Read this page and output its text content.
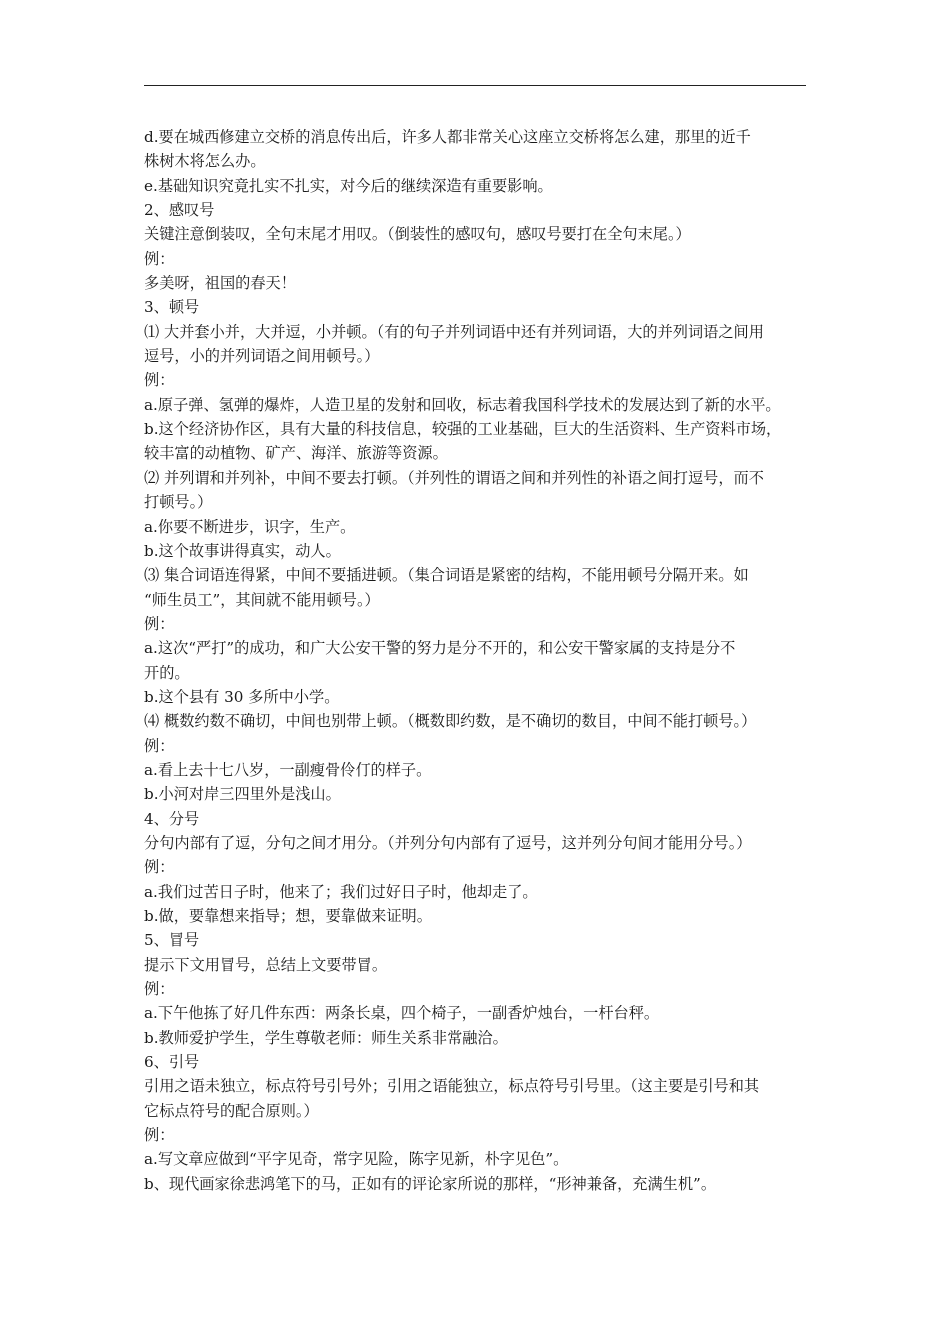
d.要在城西修建立交桥的消息传出后，许多人都非常关心这座立交桥将怎么建，那里的近千
株树木将怎么办。
e.基础知识究竟扎实不扎实，对今后的继续深造有重要影响。
2、感叹号
关键注意倒装叹，全句末尾才用叹。（倒装性的感叹句，感叹号要打在全句末尾。）
例：
多美呀，祖国的春天！
3、顿号
⑴ 大并套小并，大并逗，小并顿。（有的句子并列词语中还有并列词语，大的并列词语之间用
逗号，小的并列词语之间用顿号。）
例：
a.原子弹、氢弹的爆炸，人造卫星的发射和回收，标志着我国科学技术的发展达到了新的水平。
b.这个经济协作区，具有大量的科技信息，较强的工业基础，巨大的生活资料、生产资料市场，
较丰富的动植物、矿产、海洋、旅游等资源。
⑵ 并列谓和并列补，中间不要去打顿。（并列性的谓语之间和并列性的补语之间打逗号，而不
打顿号。）
a.你要不断进步，识字，生产。
b.这个故事讲得真实，动人。
⑶ 集合词语连得紧，中间不要插进顿。（集合词语是紧密的结构，不能用顿号分隔开来。如
“师生员工”，其间就不能用顿号。）
例：
a.这次“严打”的成功，和广大公安干警的努力是分不开的，和公安干警家属的支持是分不
开的。
b.这个县有 30 多所中小学。
⑷ 概数约数不确切，中间也别带上顿。（概数即约数，是不确切的数目，中间不能打顿号。）
例：
a.看上去十七八岁，一副瘦骨伶仃的样子。
b.小河对岸三四里外是浅山。
4、分号
分句内部有了逗，分句之间才用分。（并列分句内部有了逗号，这并列分句间才能用分号。）
例：
a.我们过苦日子时，他来了；我们过好日子时，他却走了。
b.做，要靠想来指导；想，要靠做来证明。
5、冒号
提示下文用冒号，总结上文要带冒。
例：
a.下午他拣了好几件东西：两条长桌，四个椅子，一副香炉烛台，一杆台秤。
b.教师爱护学生，学生尊敬老师：师生关系非常融洽。
6、引号
引用之语未独立，标点符号引号外；引用之语能独立，标点符号引号里。（这主要是引号和其
它标点符号的配合原则。）
例：
a.写文章应做到“平字见奇，常字见险，陈字见新，朴字见色”。
b、现代画家徐悲鸿笔下的马，正如有的评论家所说的那样，“形神兼备，充满生机”。
